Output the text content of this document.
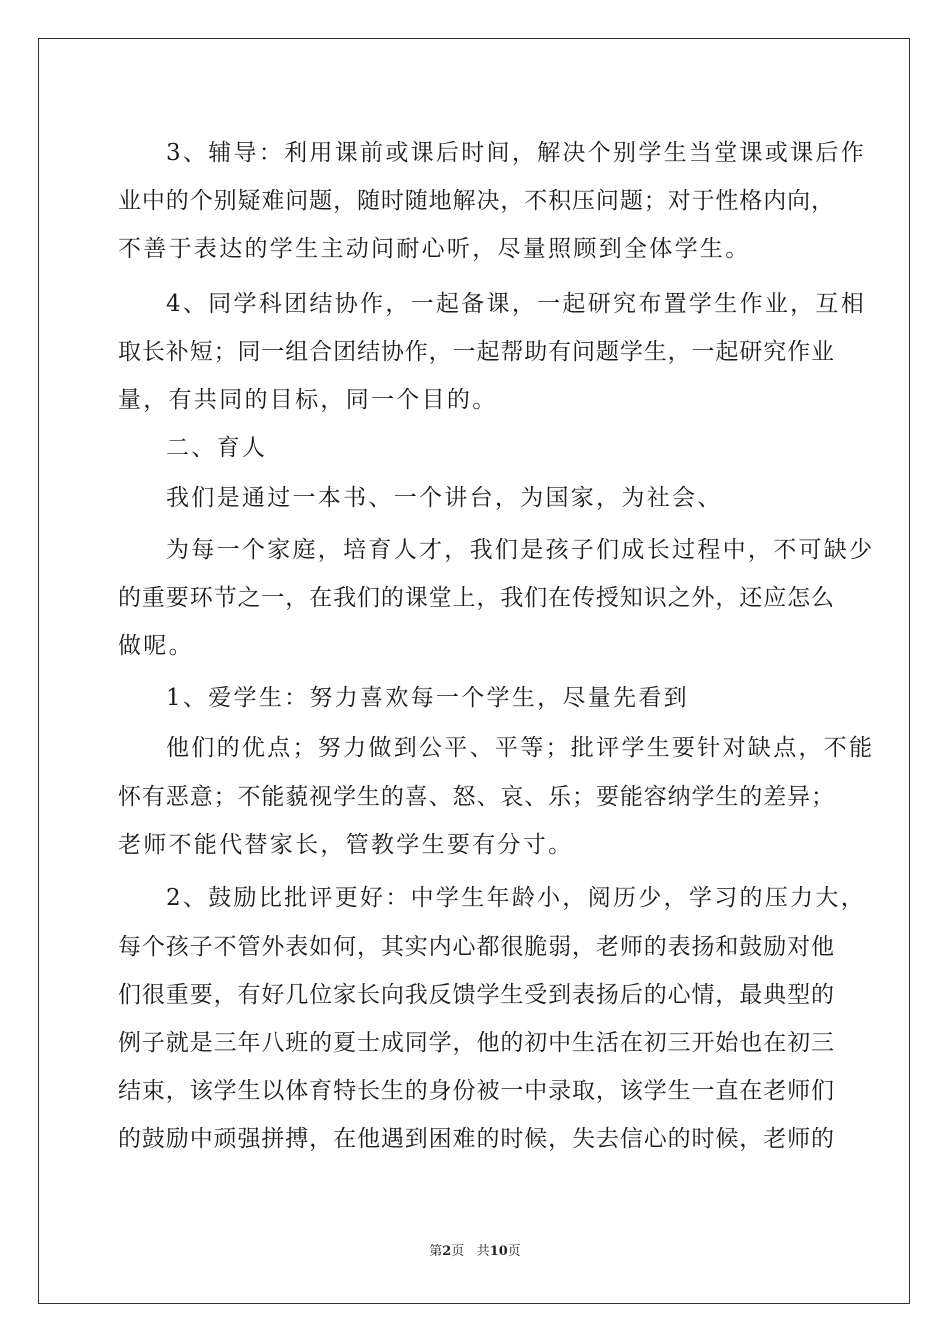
3、辅导：利用课前或课后时间，解决个别学生当堂课或课后作
业中的个别疑难问题，随时随地解决，不积压问题；对于性格内向，
不善于表达的学生主动问耐心听，尽量照顾到全体学生。
4、同学科团结协作，一起备课，一起研究布置学生作业，互相
取长补短；同一组合团结协作，一起帮助有问题学生，一起研究作业
量，有共同的目标，同一个目的。
二、育人
我们是通过一本书、一个讲台，为国家，为社会、
为每一个家庭，培育人才，我们是孩子们成长过程中，不可缺少
的重要环节之一，在我们的课堂上，我们在传授知识之外，还应怎么
做呢。
1、爱学生：努力喜欢每一个学生，尽量先看到
他们的优点；努力做到公平、平等；批评学生要针对缺点，不能
怀有恶意；不能藐视学生的喜、怒、哀、乐；要能容纳学生的差异；
老师不能代替家长，管教学生要有分寸。
2、鼓励比批评更好：中学生年龄小，阅历少，学习的压力大，
每个孩子不管外表如何，其实内心都很脆弱，老师的表扬和鼓励对他
们很重要，有好几位家长向我反馈学生受到表扬后的心情，最典型的
例子就是三年八班的夏士成同学，他的初中生活在初三开始也在初三
结束，该学生以体育特长生的身份被一中录取，该学生一直在老师们
的鼓励中顽强拼搏，在他遇到困难的时候，失去信心的时候，老师的
第2页 共10页
